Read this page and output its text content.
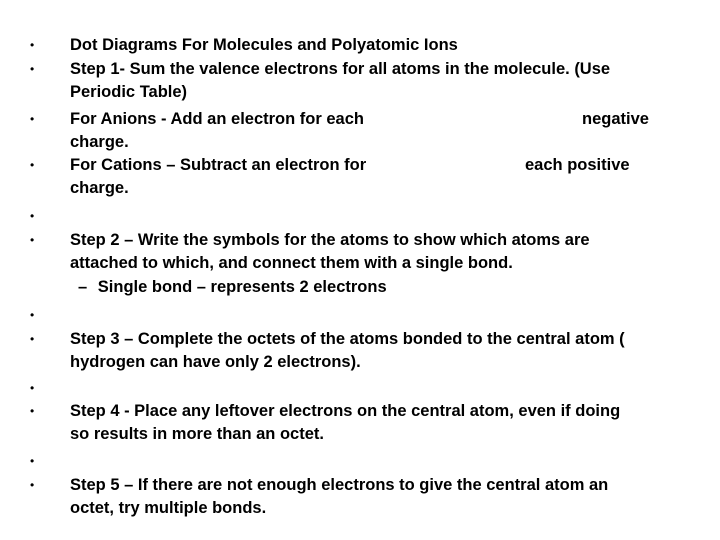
• Dot Diagrams For Molecules and Polyatomic Ions
• Step 1- Sum the valence electrons for all atoms in the molecule. (Use
Periodic Table)
• For Anions - Add an electron for each	negative
charge.
• For Cations – Subtract an electron for	each positive
charge.
•
• Step 2 – Write the symbols for the atoms to show which atoms are
attached to which, and connect them with a single bond.
– Single bond – represents 2 electrons
•
• Step 3 – Complete the octets of the atoms bonded to the central atom (
hydrogen can have only 2 electrons).
•
• Step 4 - Place any leftover electrons on the central atom, even if doing
so results in more than an octet.
•
• Step 5 – If there are not enough electrons to give the central atom an
octet, try multiple bonds.
